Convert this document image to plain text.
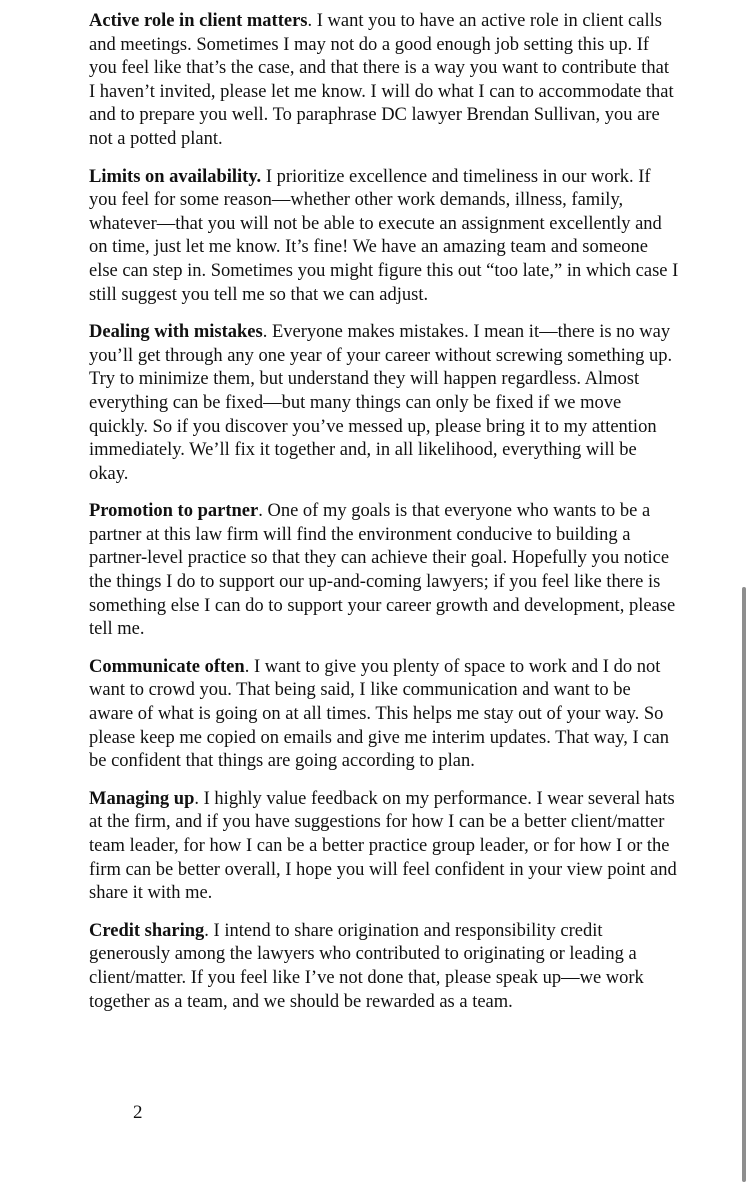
Active role in client matters. I want you to have an active role in client calls and meetings. Sometimes I may not do a good enough job setting this up. If you feel like that’s the case, and that there is a way you want to contribute that I haven’t invited, please let me know. I will do what I can to accommodate that and to prepare you well. To paraphrase DC lawyer Brendan Sullivan, you are not a potted plant.

Limits on availability. I prioritize excellence and timeliness in our work. If you feel for some reason—whether other work demands, illness, family, whatever—that you will not be able to execute an assignment excellently and on time, just let me know. It’s fine! We have an amazing team and someone else can step in. Sometimes you might figure this out “too late,” in which case I still suggest you tell me so that we can adjust.

Dealing with mistakes. Everyone makes mistakes. I mean it—there is no way you’ll get through any one year of your career without screwing something up. Try to minimize them, but understand they will happen regardless. Almost everything can be fixed—but many things can only be fixed if we move quickly. So if you discover you’ve messed up, please bring it to my attention immediately. We’ll fix it together and, in all likelihood, everything will be okay.

Promotion to partner. One of my goals is that everyone who wants to be a partner at this law firm will find the environment conducive to building a partner-level practice so that they can achieve their goal. Hopefully you notice the things I do to support our up-and-coming lawyers; if you feel like there is something else I can do to support your career growth and development, please tell me.

Communicate often. I want to give you plenty of space to work and I do not want to crowd you. That being said, I like communication and want to be aware of what is going on at all times. This helps me stay out of your way. So please keep me copied on emails and give me interim updates. That way, I can be confident that things are going according to plan.

Managing up. I highly value feedback on my performance. I wear several hats at the firm, and if you have suggestions for how I can be a better client/matter team leader, for how I can be a better practice group leader, or for how I or the firm can be better overall, I hope you will feel confident in your view point and share it with me.

Credit sharing. I intend to share origination and responsibility credit generously among the lawyers who contributed to originating or leading a client/matter. If you feel like I’ve not done that, please speak up—we work together as a team, and we should be rewarded as a team.

2
